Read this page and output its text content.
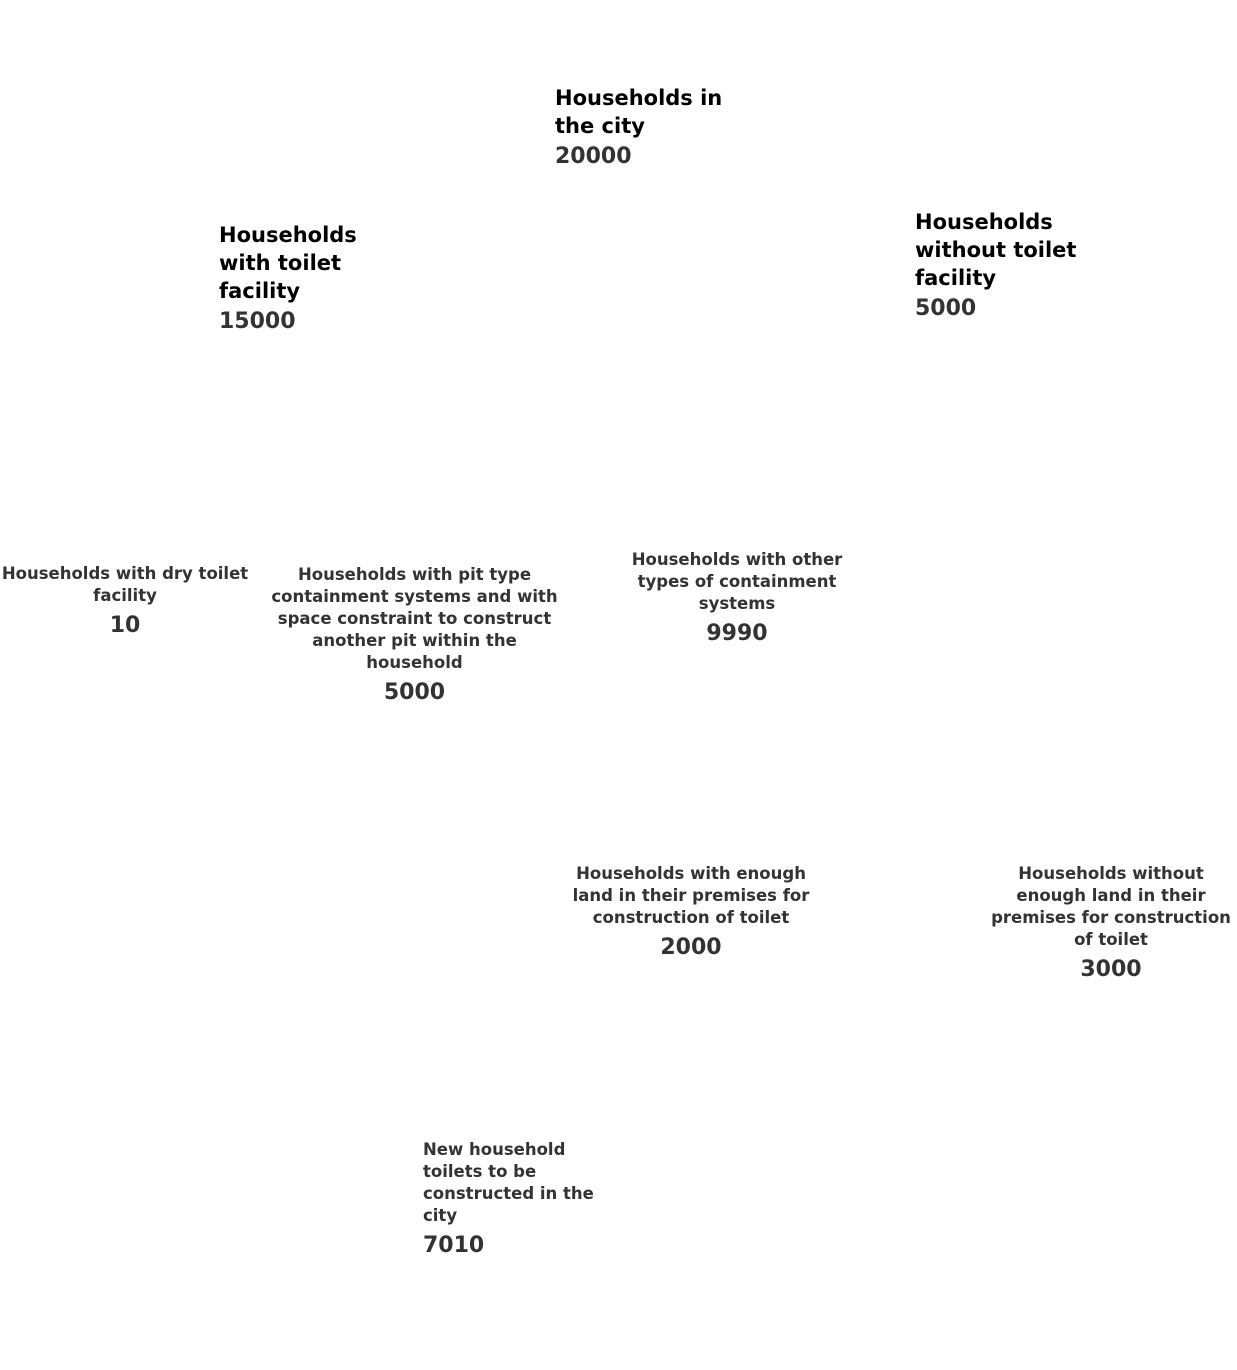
Households in the city
20000
Households with toilet facility
15000
Households without toilet facility
5000
Households with dry toilet facility
10
Households with pit type containment systems and with space constraint to construct another pit within the household
5000
Households with other types of containment systems
9990
Households with enough land in their premises for construction of toilet
2000
Households without enough land in their premises for construction of toilet
3000
New household toilets to be constructed in the city
7010
